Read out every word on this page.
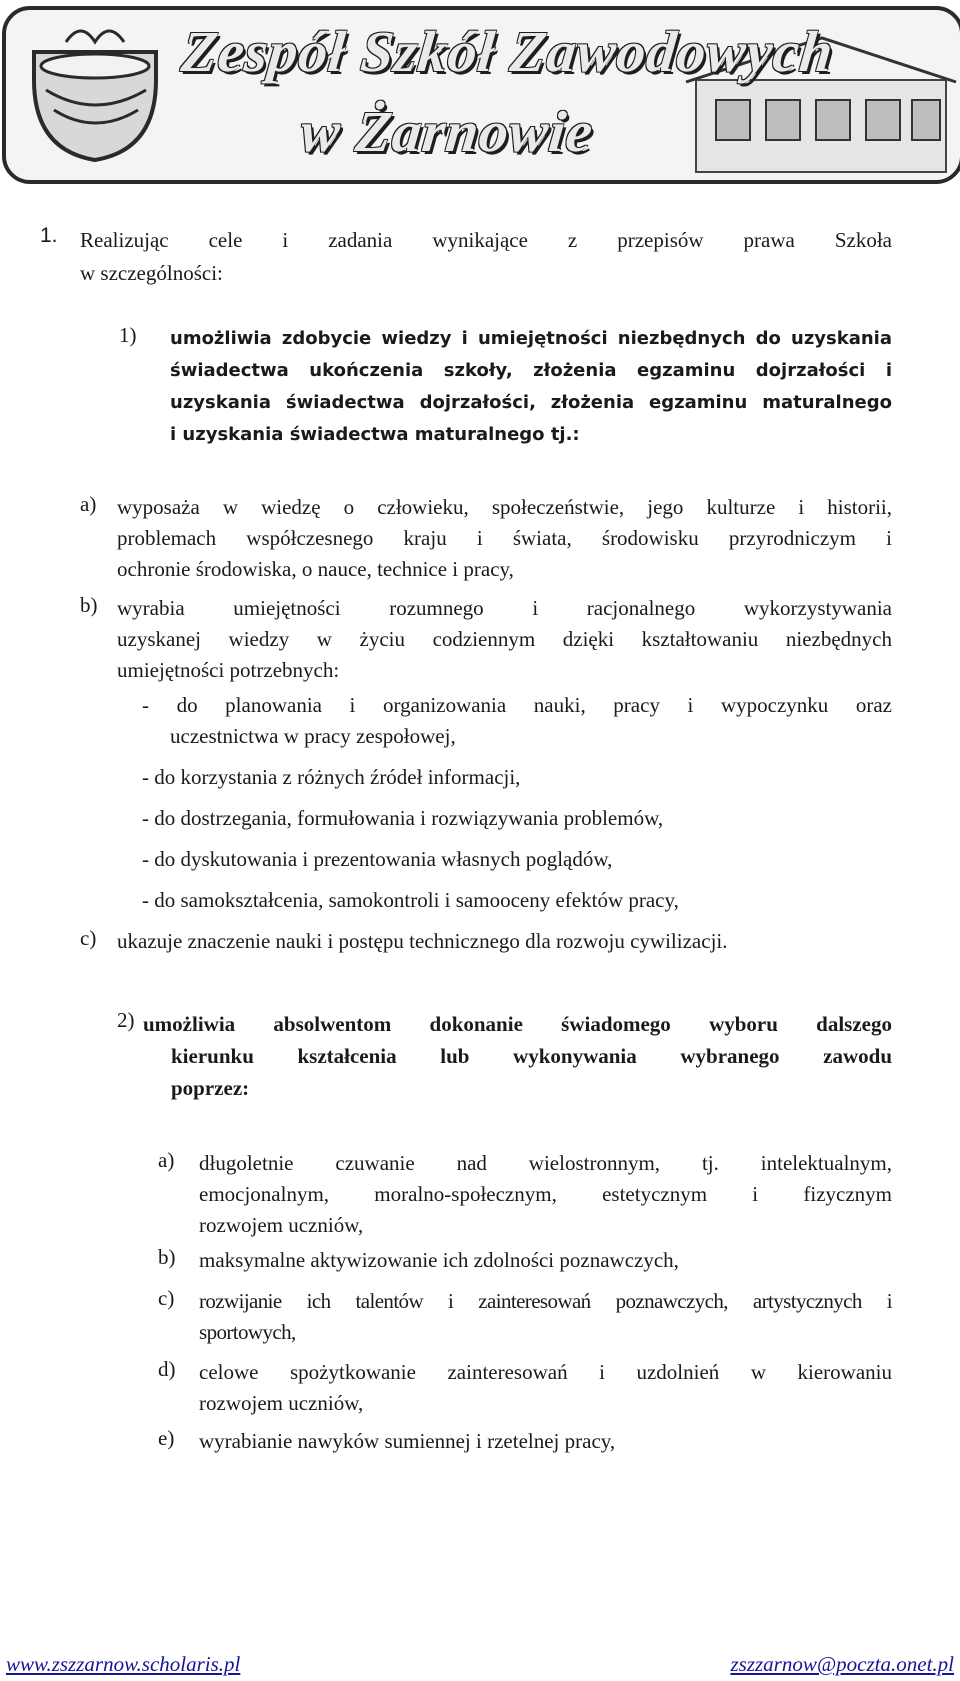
Zespół Szkół Zawodowych
w Żarnowie
1. Realizując cele i zadania wynikające z przepisów prawa Szkoła
w szczególności:
1) umożliwia zdobycie wiedzy i umiejętności niezbędnych do uzyskania
świadectwa ukończenia szkoły, złożenia egzaminu dojrzałości i
uzyskania świadectwa dojrzałości, złożenia egzaminu maturalnego
i uzyskania świadectwa maturalnego tj.:
a) wyposaża w wiedzę o człowieku, społeczeństwie, jego kulturze i historii,
problemach współczesnego kraju i świata, środowisku przyrodniczym i
ochronie środowiska, o nauce, technice i pracy,
b) wyrabia umiejętności rozumnego i racjonalnego wykorzystywania
uzyskanej wiedzy w życiu codziennym dzięki kształtowaniu niezbędnych
umiejętności potrzebnych:
- do planowania i organizowania nauki, pracy i wypoczynku oraz
uczestnictwa w pracy zespołowej,
- do korzystania z różnych źródeł informacji,
- do dostrzegania, formułowania i rozwiązywania problemów,
- do dyskutowania i prezentowania własnych poglądów,
- do samokształcenia, samokontroli i samooceny efektów pracy,
c) ukazuje znaczenie nauki i postępu technicznego dla rozwoju cywilizacji.
2) umożliwia absolwentom dokonanie świadomego wyboru dalszego
kierunku kształcenia lub wykonywania wybranego zawodu
poprzez:
a) długoletnie czuwanie nad wielostronnym, tj. intelektualnym,
emocjonalnym, moralno-społecznym, estetycznym i fizycznym
rozwojem uczniów,
b) maksymalne aktywizowanie ich zdolności poznawczych,
c) rozwijanie ich talentów i zainteresowań poznawczych, artystycznych i
sportowych,
d) celowe spożytkowanie zainteresowań i uzdolnień w kierowaniu
rozwojem uczniów,
e) wyrabianie nawyków sumiennej i rzetelnej pracy,
www.zszzarnow.scholaris.pl	zszzarnow@poczta.onet.pl
